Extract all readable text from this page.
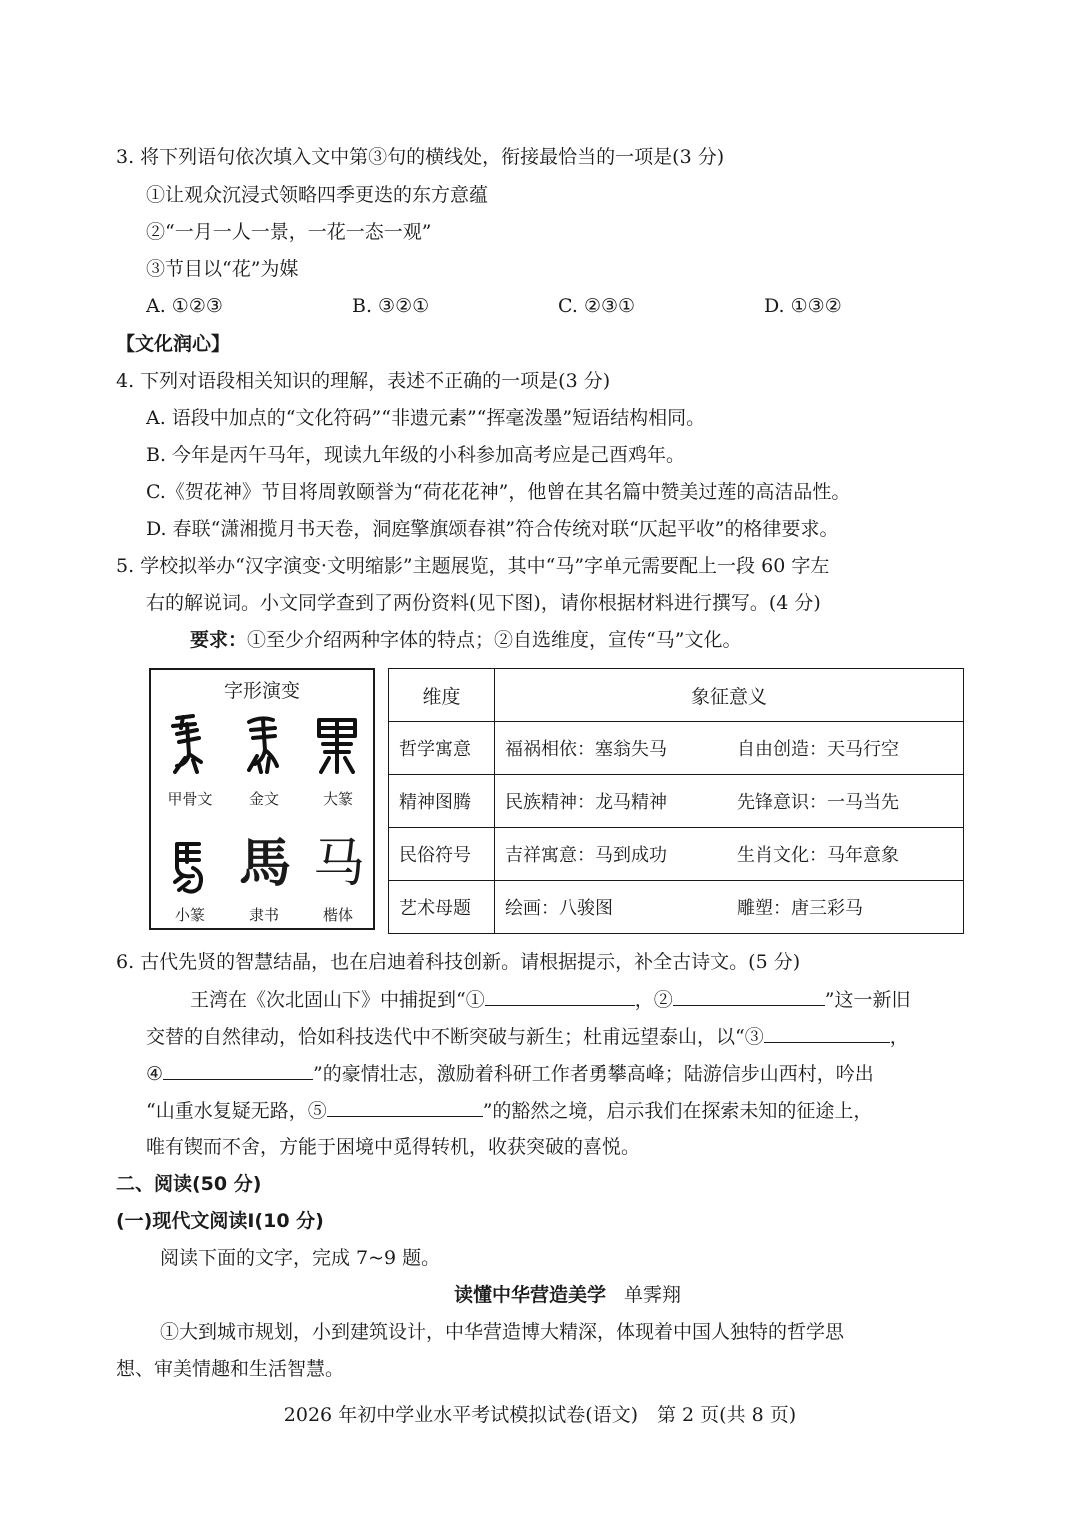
3. 将下列语句依次填入文中第③句的横线处，衔接最恰当的一项是(3 分)
①让观众沉浸式领略四季更迭的东方意蕴
②“一月一人一景，一花一态一观”
③节目以“花”为媒
A. ①②③	B. ③②①	C. ②③①	D. ①③②
【文化润心】
4. 下列对语段相关知识的理解，表述不正确的一项是(3 分)
A. 语段中加点的“文化符码”“非遗元素”“挥毫泼墨”短语结构相同。
B. 今年是丙午马年，现读九年级的小科参加高考应是己酉鸡年。
C.《贺花神》节目将周敦颐誉为“荷花花神”，他曾在其名篇中赞美过莲的高洁品性。
D. 春联“潇湘揽月书天卷，洞庭擎旗颂春祺”符合传统对联“仄起平收”的格律要求。
5. 学校拟举办“汉字演变·文明缩影”主题展览，其中“马”字单元需要配上一段 60 字左
右的解说词。小文同学查到了两份资料(见下图)，请你根据材料进行撰写。(4 分)
要求：①至少介绍两种字体的特点；②自选维度，宣传“马”文化。
字形演变
甲骨文	金文	大篆
馬 马
小篆	隶书	楷体
维度	象征意义
哲学寓意	福祸相依：塞翁失马 自由创造：天马行空

精神图腾	民族精神：龙马精神 先锋意识：一马当先

民俗符号	吉祥寓意：马到成功 生肖文化：马年意象

艺术母题	绘画：八骏图 雕塑：唐三彩马
6. 古代先贤的智慧结晶，也在启迪着科技创新。请根据提示，补全古诗文。(5 分)
王湾在《次北固山下》中捕捉到“①	，②	”这一新旧
交替的自然律动，恰如科技迭代中不断突破与新生；杜甫远望泰山，以“③	，
④	”的豪情壮志，激励着科研工作者勇攀高峰；陆游信步山西村，吟出
“山重水复疑无路，⑤	”的豁然之境，启示我们在探索未知的征途上，
唯有锲而不舍，方能于困境中觅得转机，收获突破的喜悦。
二、阅读(50 分)
(一)现代文阅读Ⅰ(10 分)
阅读下面的文字，完成 7~9 题。
读懂中华营造美学 单霁翔
①大到城市规划，小到建筑设计，中华营造博大精深，体现着中国人独特的哲学思
想、审美情趣和生活智慧。
2026 年初中学业水平考试模拟试卷(语文)　第 2 页(共 8 页)
